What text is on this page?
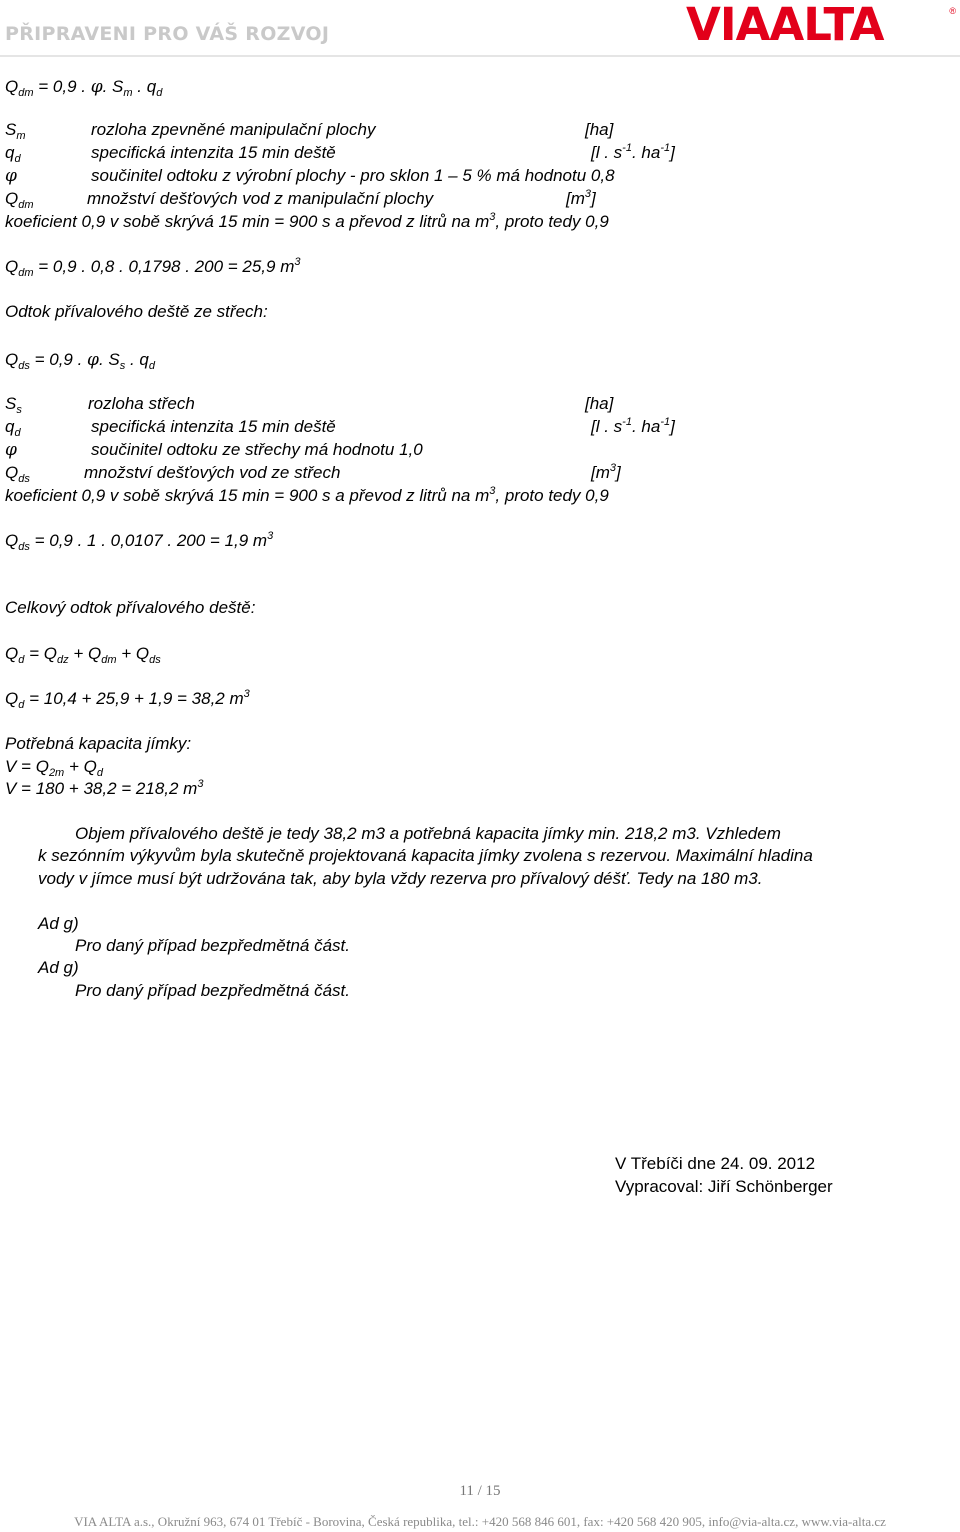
PŘIPRAVENI PRO VÁŠ ROZVOJ	VIAALTA	®
$Q_{dm} = 0,9$ . φ. $S_m$ . $q_d$
$S_m$	rozloha zpevněné manipulační plochy	[ha]
$q_d$	specifická intenzita 15 min deště	[l . $s^{-1}$. $ha^{-1}$]
φ	součinitel odtoku z výrobní plochy - pro sklon 1 – 5 % má hodnotu 0,8
$Q_{dm}$	množství dešťových vod z manipulační plochy	$[m^3]$
koeficient 0,9 v sobě skrývá 15 min = 900 s a převod z litrů na $m^3$, proto tedy 0,9
$Q_{dm} = 0,9$ . 0,8 . 0,1798 . 200 = 25,9 $m^3$
Odtok přívalového deště ze střech:
$Q_{ds} = 0,9$ . φ. $S_s$ . $q_d$
$S_s$	rozloha střech	[ha]
$q_d$	specifická intenzita 15 min deště	[l . $s^{-1}$. $ha^{-1}$]
φ	součinitel odtoku ze střechy má hodnotu 1,0
$Q_{ds}$	množství dešťových vod ze střech	$[m^3]$
koeficient 0,9 v sobě skrývá 15 min = 900 s a převod z litrů na $m^3$, proto tedy 0,9
$Q_{ds} = 0,9$ . 1 . 0,0107 . 200 = 1,9 $m^3$
Celkový odtok přívalového deště:
$Q_d = Q_{dz} + Q_{dm} + Q_{ds}$
$Q_d = 10,4 + 25,9 + 1,9 = 38,2$ $m^3$
Potřebná kapacita jímky:
$V = Q_{2m} + Q_d$
V = 180 + 38,2 = 218,2 $m^3$
Objem přívalového deště je tedy 38,2 m3 a potřebná kapacita jímky min. 218,2 m3. Vzhledem
k sezónním výkyvům byla skutečně projektovaná kapacita jímky zvolena s rezervou. Maximální hladina
vody v jímce musí být udržována tak, aby byla vždy rezerva pro přívalový déšť. Tedy na 180 m3.
Ad g)
Pro daný případ bezpředmětná část.
Ad g)
Pro daný případ bezpředmětná část.
V Třebíči dne 24. 09. 2012
Vypracoval: Jiří Schönberger
11 / 15
VIA ALTA a.s., Okružní 963, 674 01 Třebíč - Borovina, Česká republika, tel.: +420 568 846 601, fax: +420 568 420 905, info@via-alta.cz, www.via-alta.cz
